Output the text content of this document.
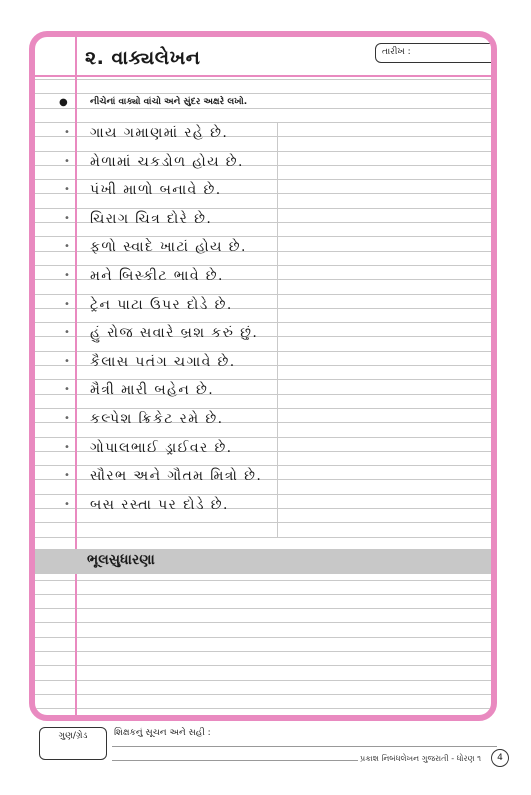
૨. વાક્યલેખન	તારીખ :
● નીચેનાં વાક્યો વાંચો અને સુંદર અક્ષરે લખો.
• ગાય ગમાણમાં રહે છે.
• મેળામાં ચકડોળ હોય છે.
• પંખી માળો બનાવે છે.
• ચિરાગ ચિત્ર દોરે છે.
• ફળો સ્વાદે ખાટાં હોય છે.
• મને બિસ્કીટ ભાવે છે.
• ટ્રેન પાટા ઉપર દોડે છે.
• હું રોજ સવારે બ્રશ કરું છું.
• કૈલાસ પતંગ ચગાવે છે.
• મૈત્રી મારી બહેન છે.
• કલ્પેશ ક્રિકેટ રમે છે.
• ગોપાલભાઈ ડ્રાઈવર છે.
• સૌરભ અને ગૌતમ મિત્રો છે.
• બસ રસ્તા પર દોડે છે.
ભૂલસુધારણા
ગુણ/ગ્રેડ	શિક્ષકનું સૂચન અને સહી :
પ્રકાશ નિબંધલેખન ગુજરાતી - ધોરણ ૧	4
